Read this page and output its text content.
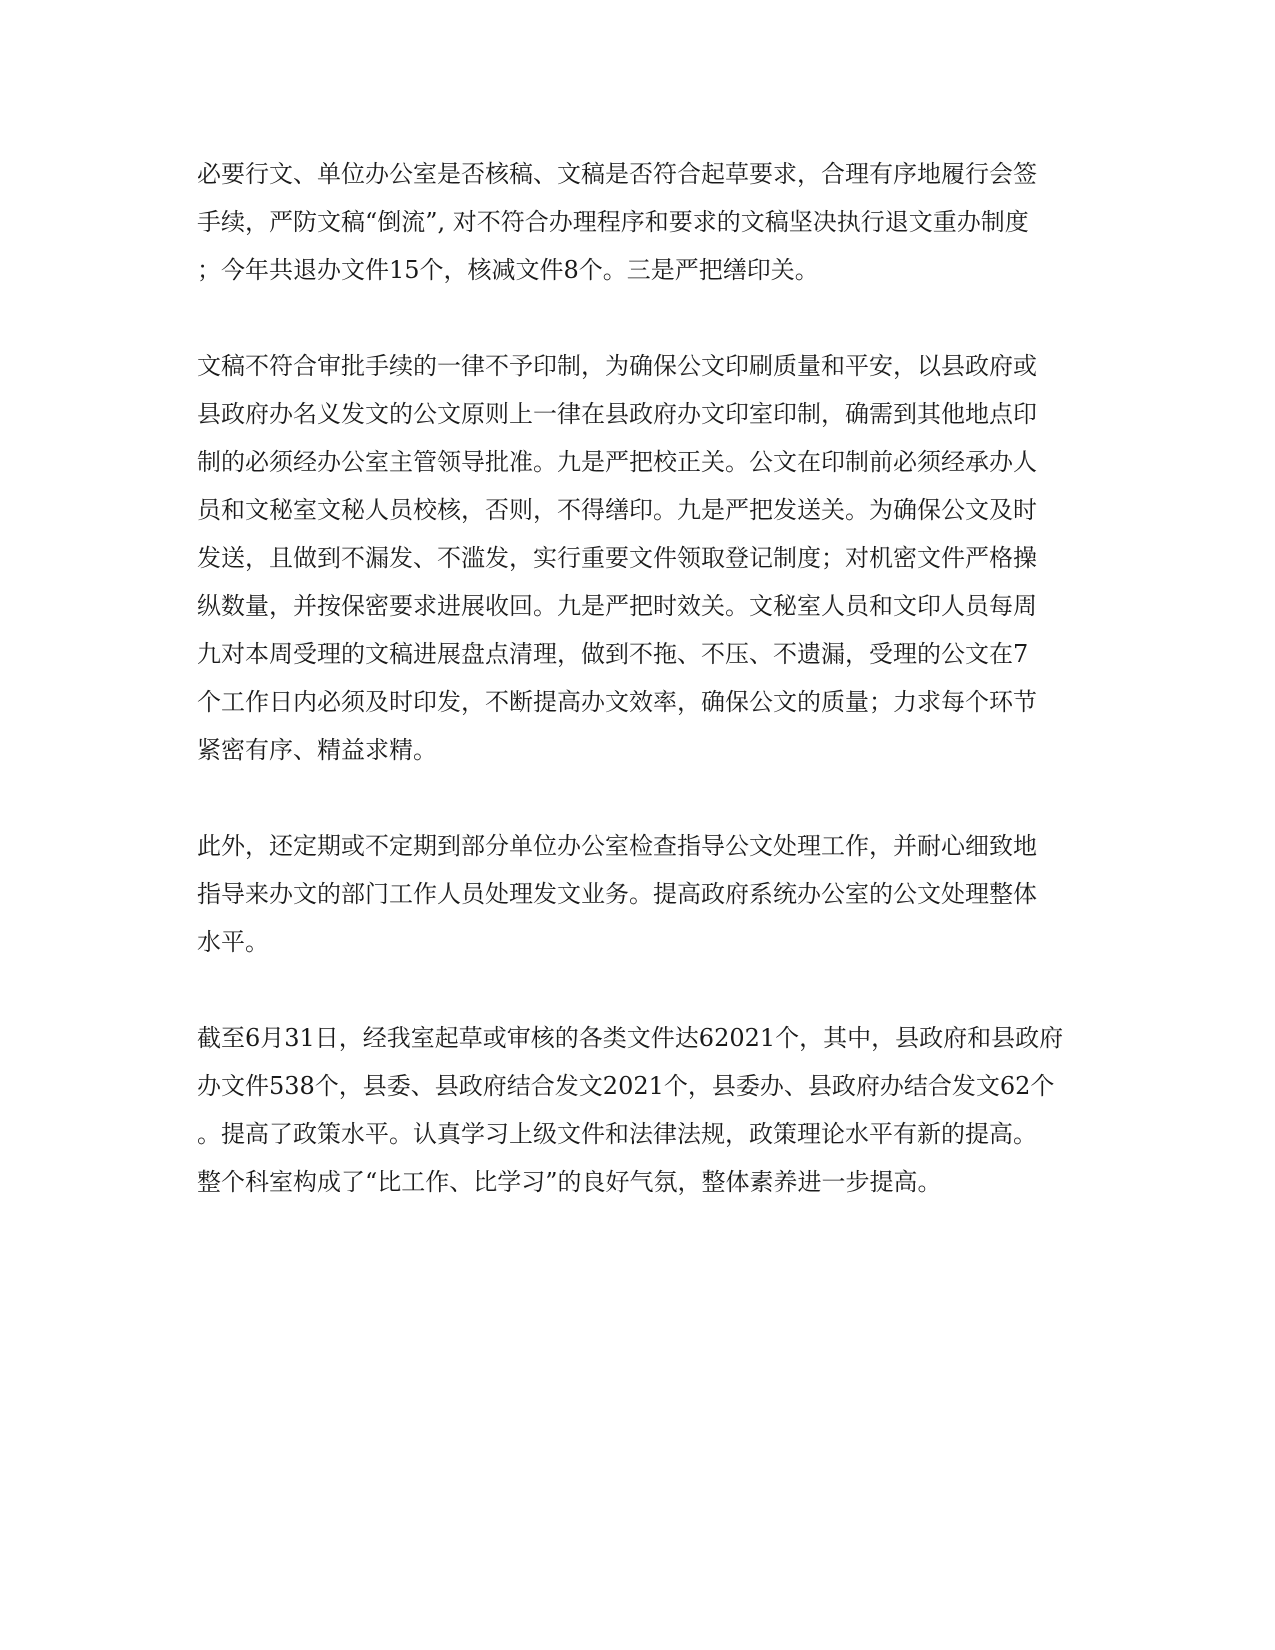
必要行文、单位办公室是否核稿、文稿是否符合起草要求，合理有序地履行会签
手续，严防文稿“倒流”, 对不符合办理程序和要求的文稿坚决执行退文重办制度
；今年共退办文件15个，核减文件8个。三是严把缮印关。
文稿不符合审批手续的一律不予印制，为确保公文印刷质量和平安，以县政府或
县政府办名义发文的公文原则上一律在县政府办文印室印制，确需到其他地点印
制的必须经办公室主管领导批准。九是严把校正关。公文在印制前必须经承办人
员和文秘室文秘人员校核，否则，不得缮印。九是严把发送关。为确保公文及时
发送，且做到不漏发、不滥发，实行重要文件领取登记制度；对机密文件严格操
纵数量，并按保密要求进展收回。九是严把时效关。文秘室人员和文印人员每周
九对本周受理的文稿进展盘点清理，做到不拖、不压、不遗漏，受理的公文在7
个工作日内必须及时印发，不断提高办文效率，确保公文的质量；力求每个环节
紧密有序、精益求精。
此外，还定期或不定期到部分单位办公室检查指导公文处理工作，并耐心细致地
指导来办文的部门工作人员处理发文业务。提高政府系统办公室的公文处理整体
水平。
截至6月31日，经我室起草或审核的各类文件达62021个，其中，县政府和县政府
办文件538个，县委、县政府结合发文2021个，县委办、县政府办结合发文62个
。提高了政策水平。认真学习上级文件和法律法规，政策理论水平有新的提高。
整个科室构成了“比工作、比学习”的良好气氛，整体素养进一步提高。
